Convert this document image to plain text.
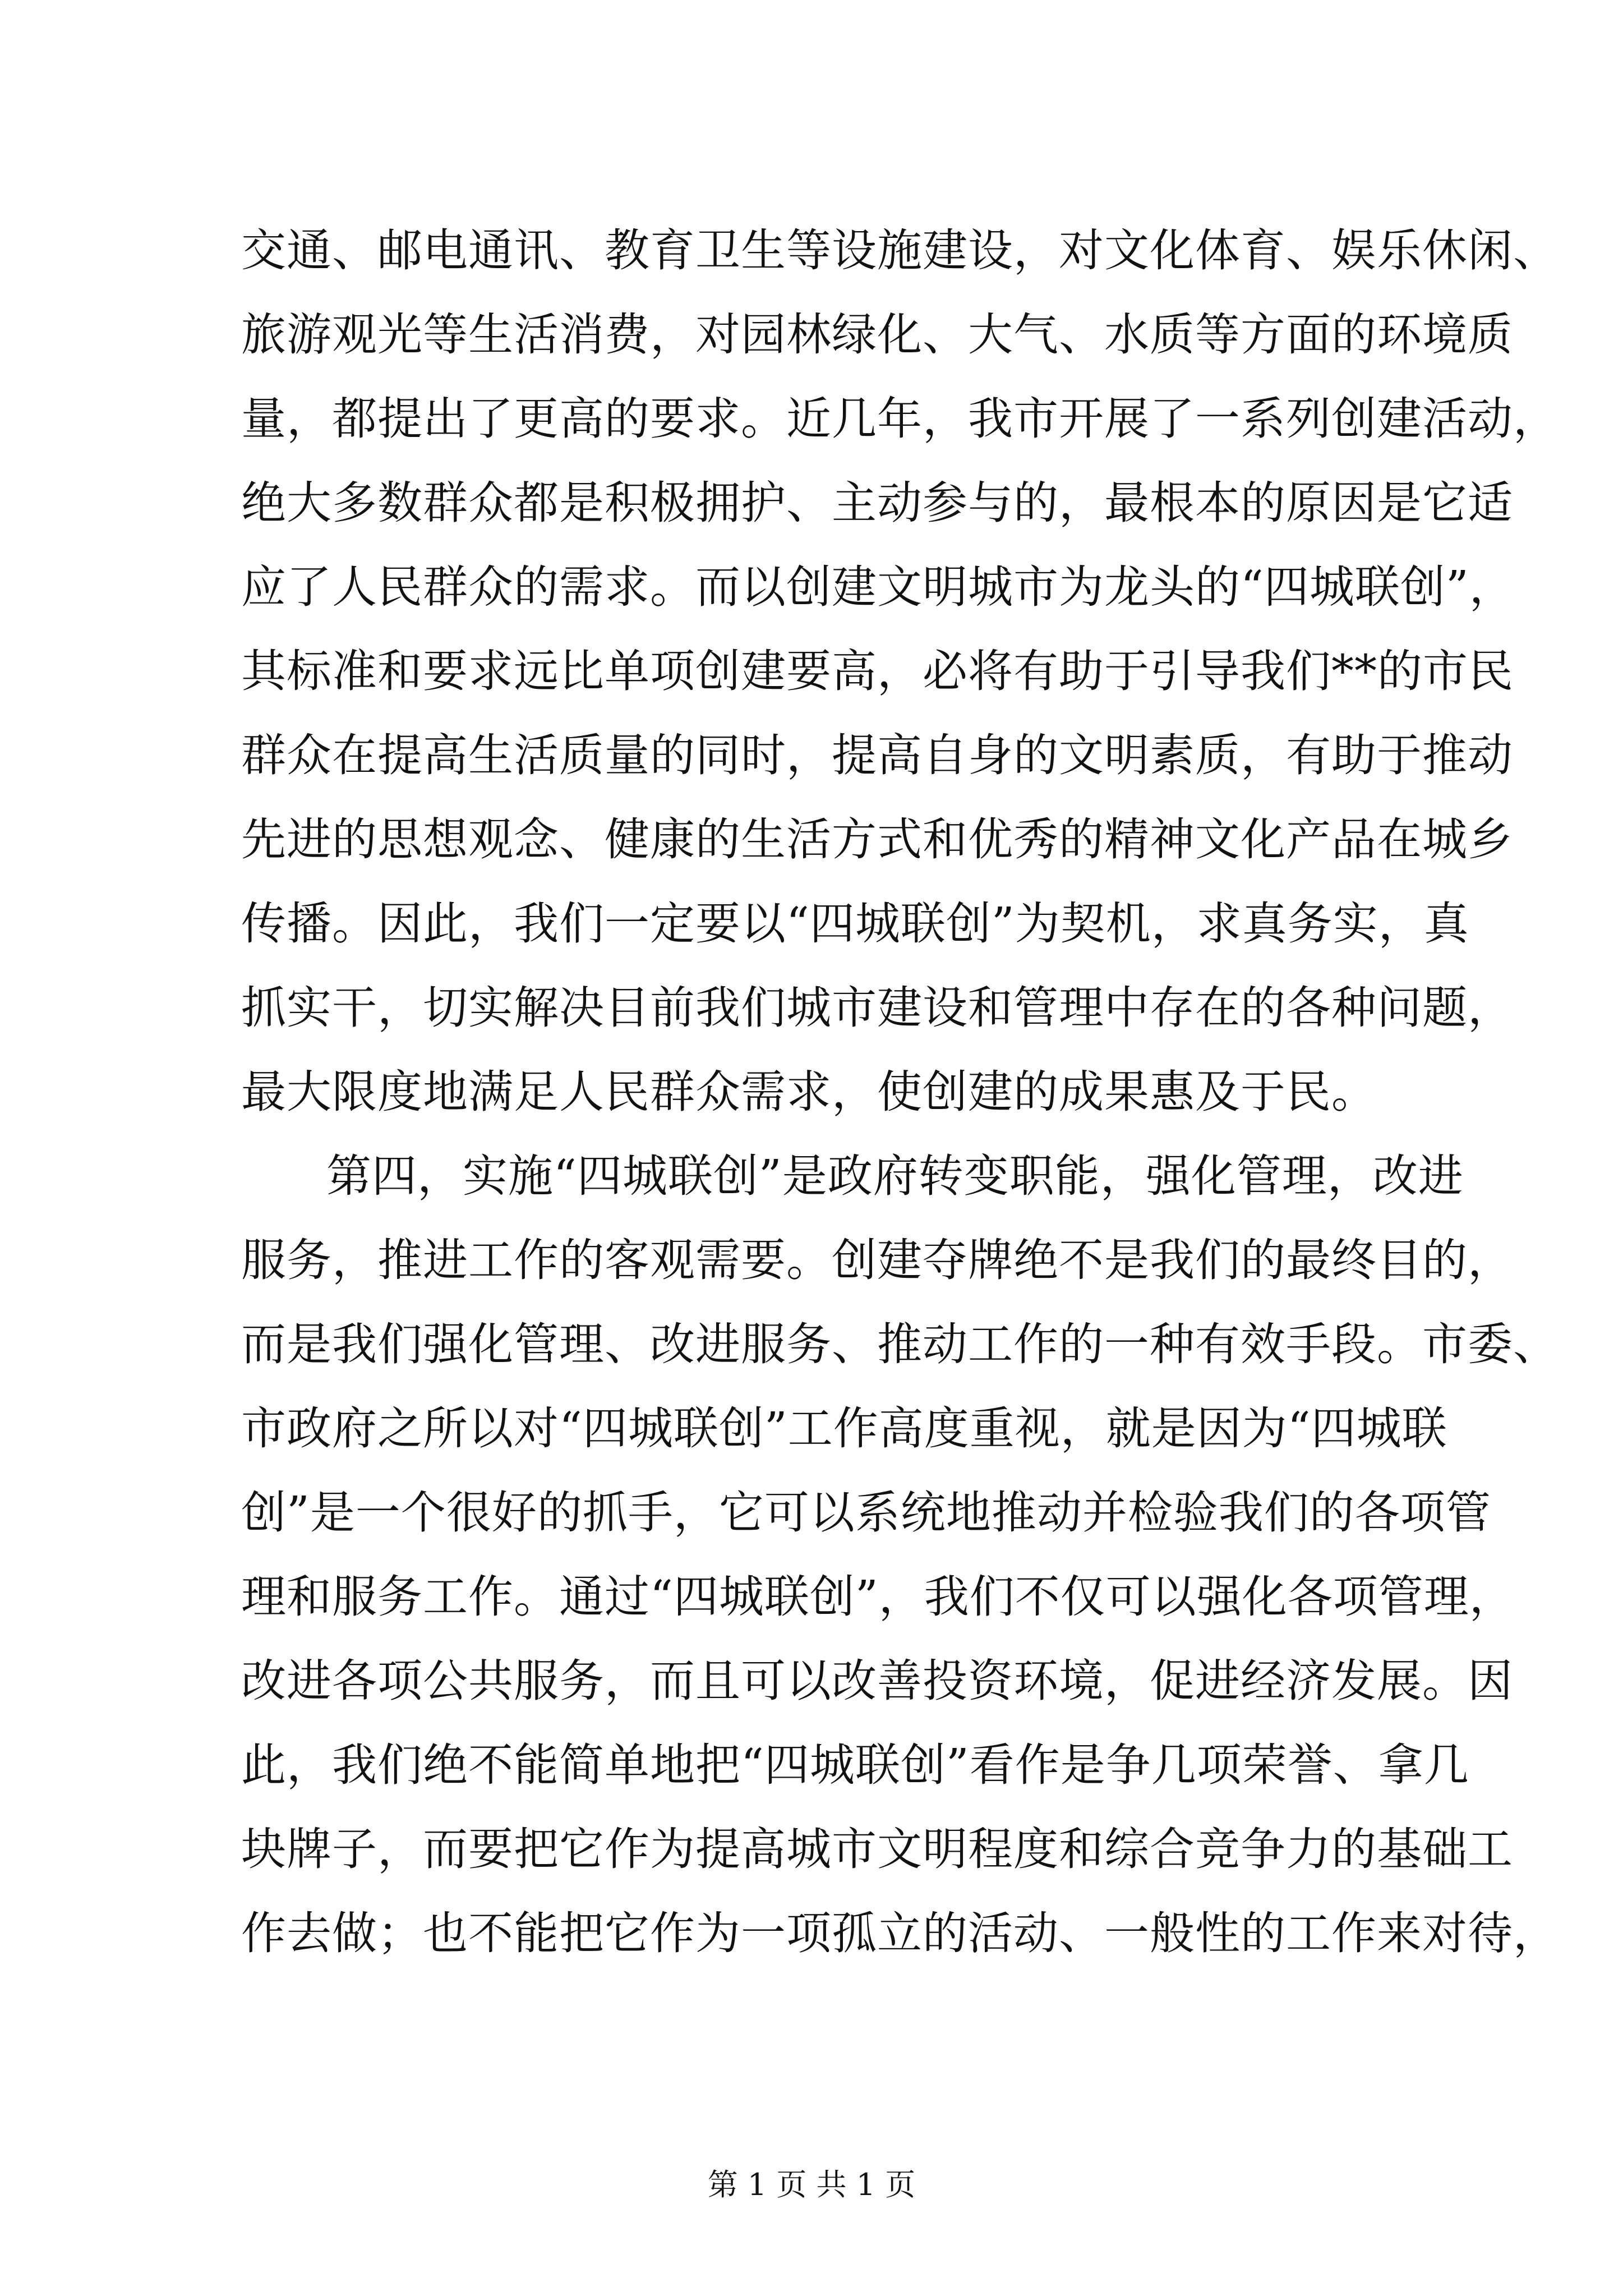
交通、邮电通讯、教育卫生等设施建设，对文化体育、娱乐休闲、
旅游观光等生活消费，对园林绿化、大气、水质等方面的环境质
量，都提出了更高的要求。近几年，我市开展了一系列创建活动，
绝大多数群众都是积极拥护、主动参与的，最根本的原因是它适
应了人民群众的需求。而以创建文明城市为龙头的“四城联创”，
其标准和要求远比单项创建要高，必将有助于引导我们**的市民
群众在提高生活质量的同时，提高自身的文明素质，有助于推动
先进的思想观念、健康的生活方式和优秀的精神文化产品在城乡
传播。因此，我们一定要以“四城联创”为契机，求真务实，真
抓实干，切实解决目前我们城市建设和管理中存在的各种问题，
最大限度地满足人民群众需求，使创建的成果惠及于民。
第四，实施“四城联创”是政府转变职能，强化管理，改进
服务，推进工作的客观需要。创建夺牌绝不是我们的最终目的，
而是我们强化管理、改进服务、推动工作的一种有效手段。市委、
市政府之所以对“四城联创”工作高度重视，就是因为“四城联
创”是一个很好的抓手，它可以系统地推动并检验我们的各项管
理和服务工作。通过“四城联创”，我们不仅可以强化各项管理，
改进各项公共服务，而且可以改善投资环境，促进经济发展。因
此，我们绝不能简单地把“四城联创”看作是争几项荣誉、拿几
块牌子，而要把它作为提高城市文明程度和综合竞争力的基础工
作去做；也不能把它作为一项孤立的活动、一般性的工作来对待，
第 1 页 共 1 页
